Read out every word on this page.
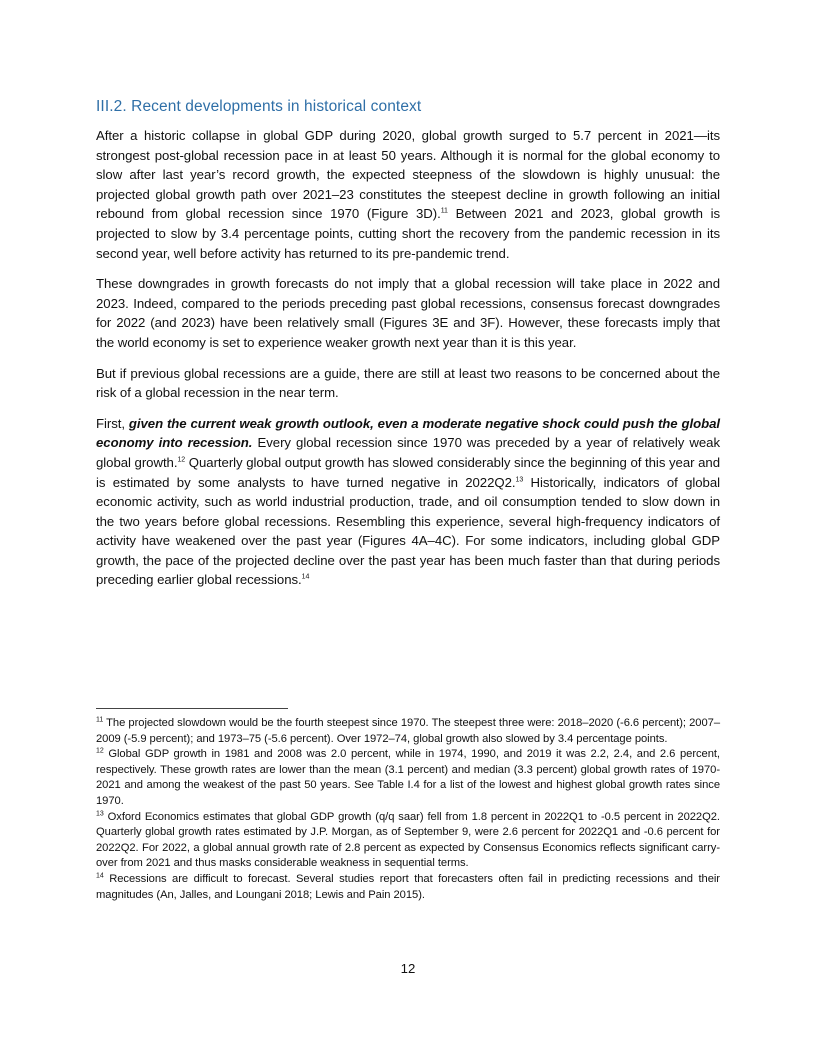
III.2. Recent developments in historical context

After a historic collapse in global GDP during 2020, global growth surged to 5.7 percent in 2021—its strongest post-global recession pace in at least 50 years. Although it is normal for the global economy to slow after last year’s record growth, the expected steepness of the slowdown is highly unusual: the projected global growth path over 2021–23 constitutes the steepest decline in growth following an initial rebound from global recession since 1970 (Figure 3D).$^{11}$ Between 2021 and 2023, global growth is projected to slow by 3.4 percentage points, cutting short the recovery from the pandemic recession in its second year, well before activity has returned to its pre-pandemic trend.

These downgrades in growth forecasts do not imply that a global recession will take place in 2022 and 2023. Indeed, compared to the periods preceding past global recessions, consensus forecast downgrades for 2022 (and 2023) have been relatively small (Figures 3E and 3F). However, these forecasts imply that the world economy is set to experience weaker growth next year than it is this year.

But if previous global recessions are a guide, there are still at least two reasons to be concerned about the risk of a global recession in the near term.

First, given the current weak growth outlook, even a moderate negative shock could push the global economy into recession. Every global recession since 1970 was preceded by a year of relatively weak global growth.$^{12}$ Quarterly global output growth has slowed considerably since the beginning of this year and is estimated by some analysts to have turned negative in 2022Q2.13 Historically, indicators of global economic activity, such as world industrial production, trade, and oil consumption tended to slow down in the two years before global recessions. Resembling this experience, several high-frequency indicators of activity have weakened over the past year (Figures 4A–4C). For some indicators, including global GDP growth, the pace of the projected decline over the past year has been much faster than that during periods preceding earlier global recessions.$^{14}$

$^{11}$ The projected slowdown would be the fourth steepest since 1970. The steepest three were: 2018–2020 (-6.6 percent); 2007–2009 (-5.9 percent); and 1973–75 (-5.6 percent). Over 1972–74, global growth also slowed by 3.4 percentage points.

$^{12}$ Global GDP growth in 1981 and 2008 was 2.0 percent, while in 1974, 1990, and 2019 it was 2.2, 2.4, and 2.6 percent, respectively. These growth rates are lower than the mean (3.1 percent) and median (3.3 percent) global growth rates of 1970-2021 and among the weakest of the past 50 years. See Table I.4 for a list of the lowest and highest global growth rates since 1970.

$^{13}$ Oxford Economics estimates that global GDP growth (q/q saar) fell from 1.8 percent in 2022Q1 to -0.5 percent in 2022Q2. Quarterly global growth rates estimated by J.P. Morgan, as of September 9, were 2.6 percent for 2022Q1 and -0.6 percent for 2022Q2. For 2022, a global annual growth rate of 2.8 percent as expected by Consensus Economics reflects significant carry-over from 2021 and thus masks considerable weakness in sequential terms.

$^{14}$ Recessions are difficult to forecast. Several studies report that forecasters often fail in predicting recessions and their magnitudes (An, Jalles, and Loungani 2018; Lewis and Pain 2015).

12
